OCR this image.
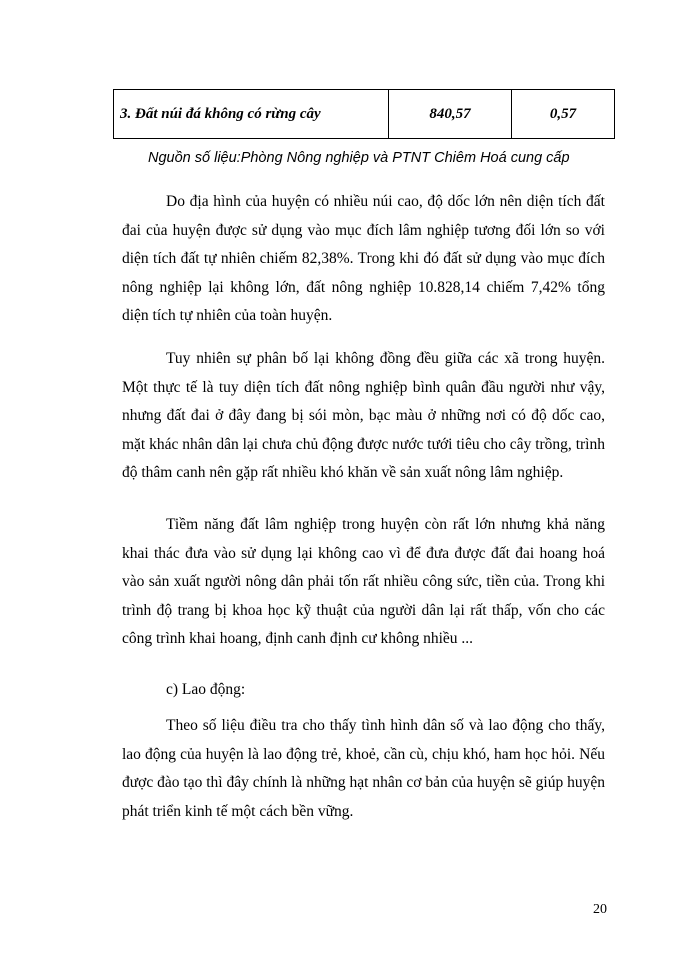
3. Đất núi đá không có rừng cây	840,57	0,57
Nguồn số liệu:Phòng Nông nghiệp và PTNT Chiêm Hoá cung cấp

Do địa hình của huyện có nhiều núi cao, độ dốc lớn nên diện tích đất đai của huyện được sử dụng vào mục đích lâm nghiệp tương đối lớn so với diện tích đất tự nhiên chiếm 82,38%. Trong khi đó đất sử dụng vào mục đích nông nghiệp lại không lớn, đất nông nghiệp 10.828,14 chiếm 7,42% tổng diện tích tự nhiên của toàn huyện.

Tuy nhiên sự phân bố lại không đồng đều giữa các xã trong huyện. Một thực tế là tuy diện tích đất nông nghiệp bình quân đầu người như vậy, nhưng đất đai ở đây đang bị sói mòn, bạc màu ở những nơi có độ dốc cao, mặt khác nhân dân lại chưa chủ động được nước tưới tiêu cho cây trồng, trình độ thâm canh nên gặp rất nhiều khó khăn về sản xuất nông lâm nghiệp.

Tiềm năng đất lâm nghiệp trong huyện còn rất lớn nhưng khả năng khai thác đưa vào sử dụng lại không cao vì để đưa được đất đai hoang hoá vào sản xuất người nông dân phải tốn rất nhiều công sức, tiền của. Trong khi trình độ trang bị khoa học kỹ thuật của người dân lại rất thấp, vốn cho các công trình khai hoang, định canh định cư không nhiều ...

c) Lao động:

Theo số liệu điều tra cho thấy tình hình dân số và lao động cho thấy, lao động của huyện là lao động trẻ, khoẻ, cần cù, chịu khó, ham học hỏi. Nếu được đào tạo thì đây chính là những hạt nhân cơ bản của huyện sẽ giúp huyện phát triển kinh tế một cách bền vững.

20
